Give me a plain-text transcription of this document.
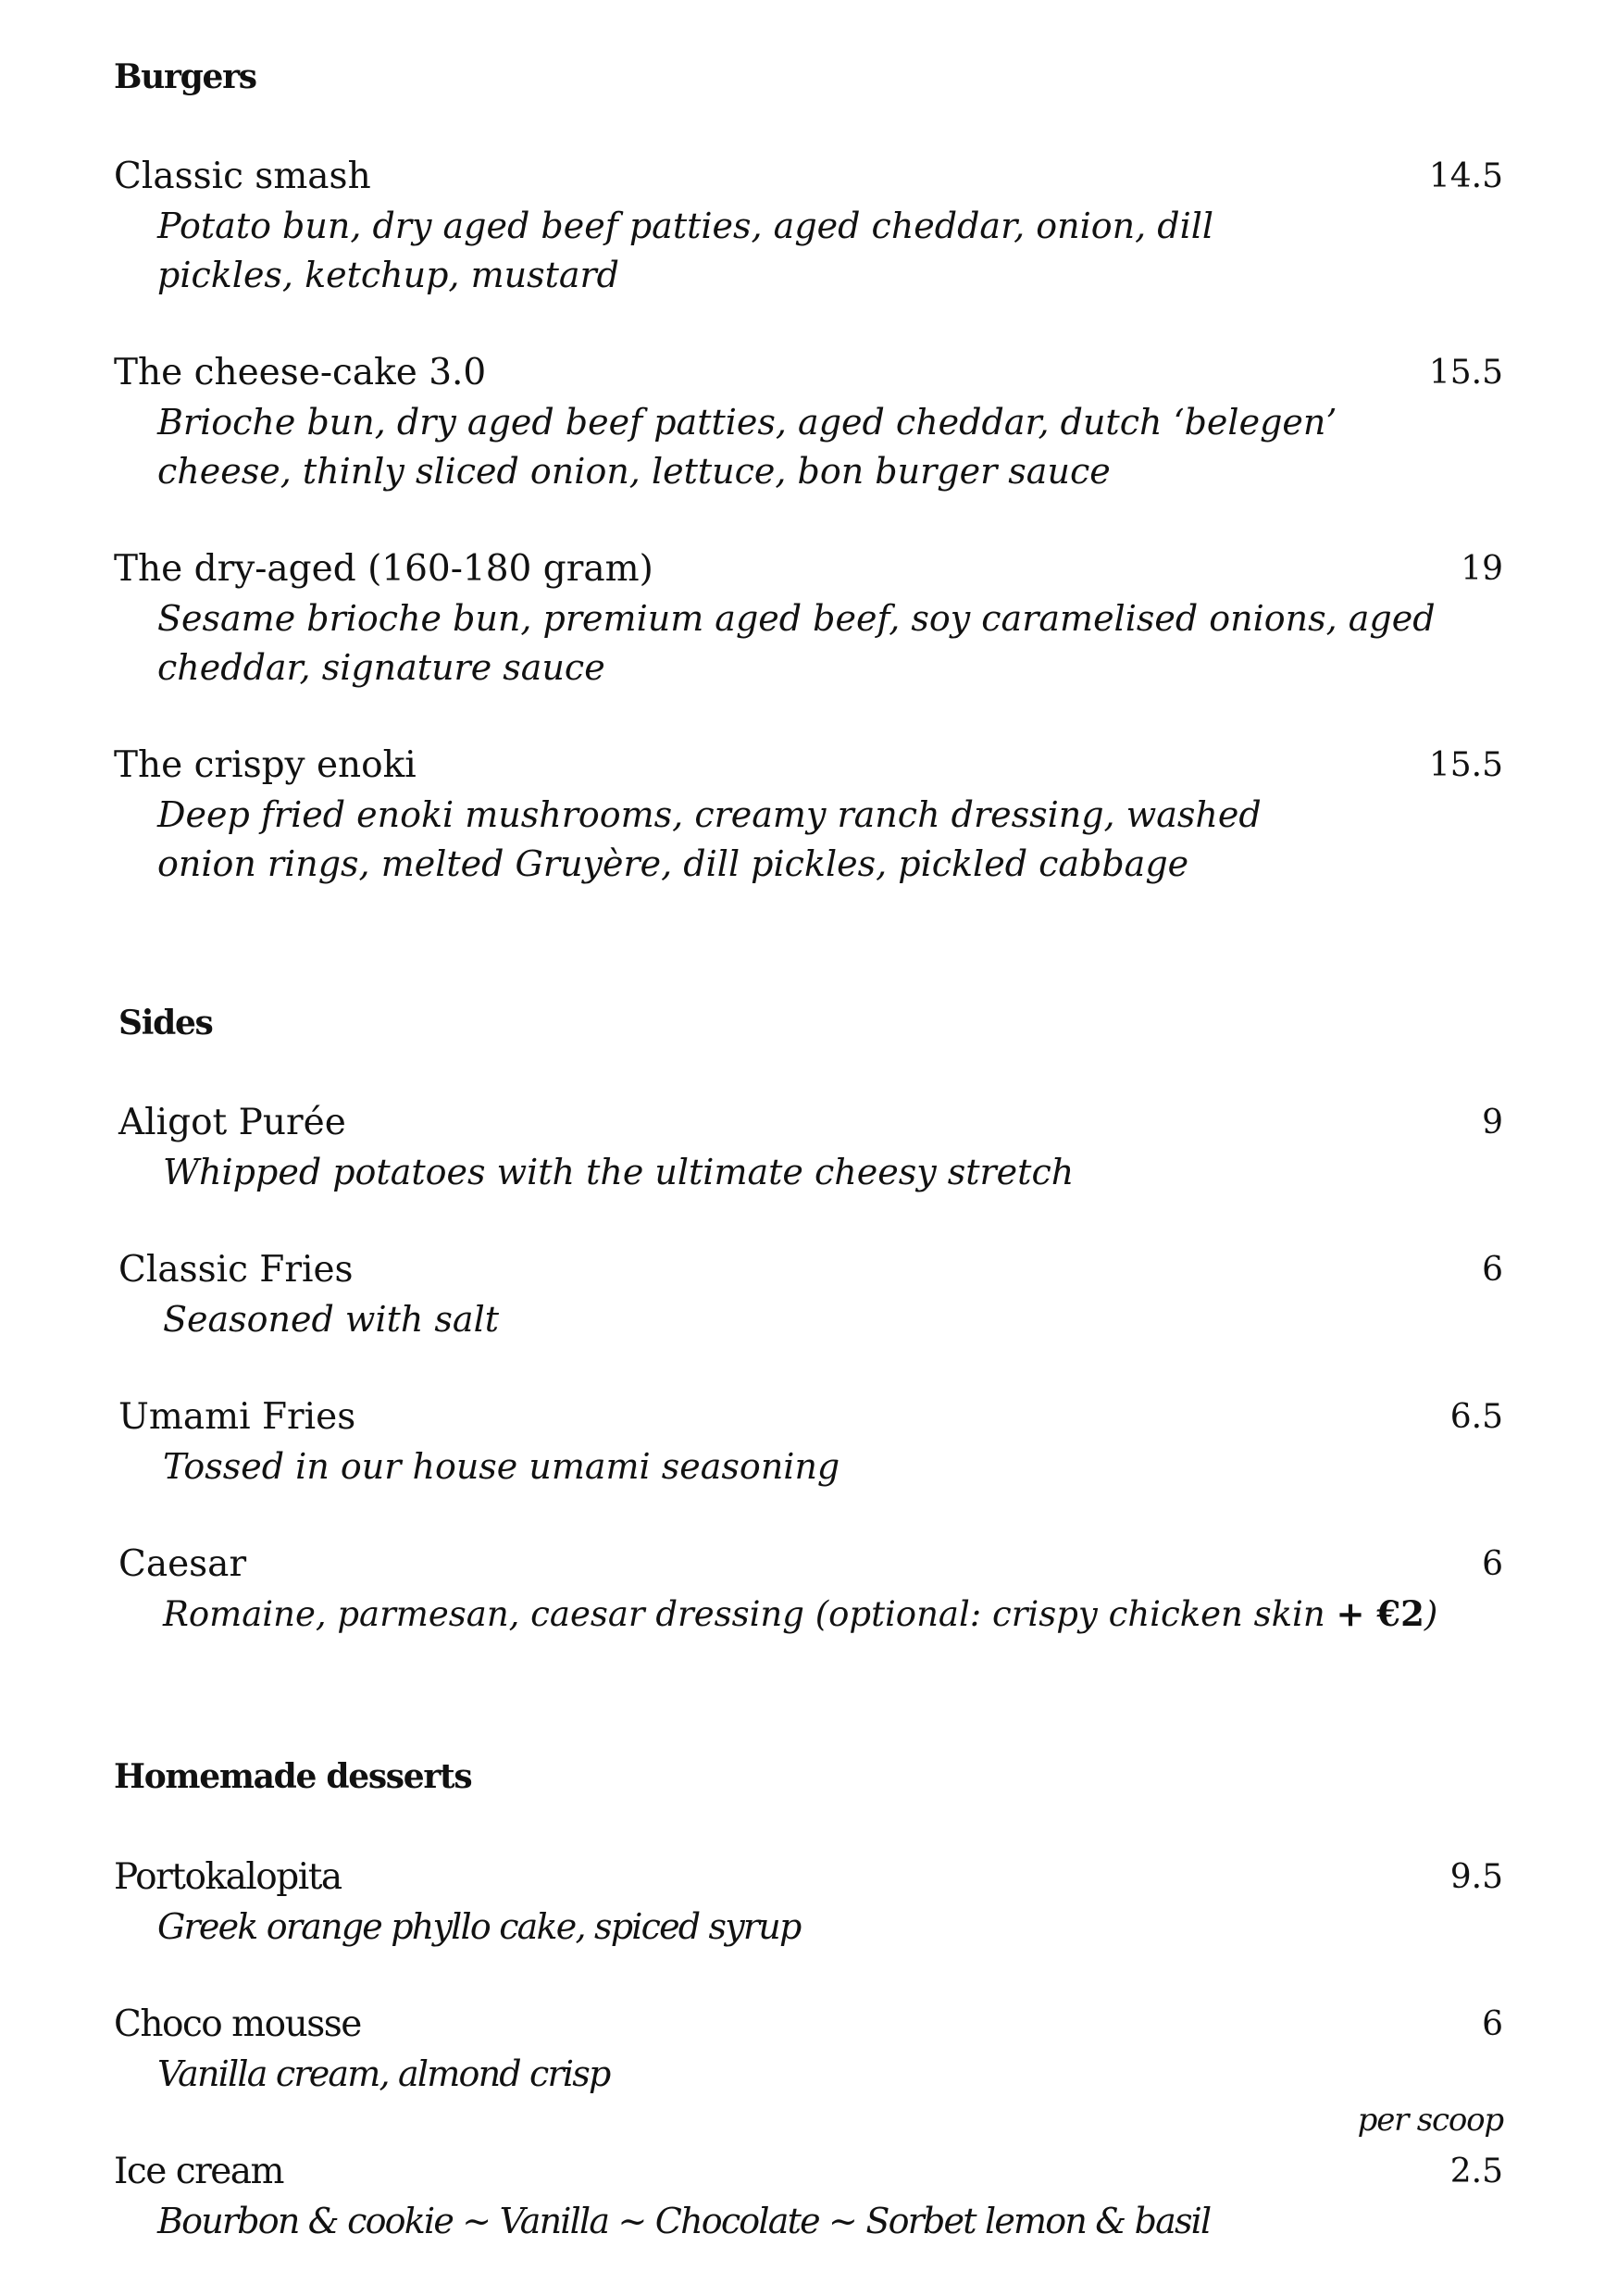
Burgers
Classic smash	14.5
Potato bun, dry aged beef patties, aged cheddar, onion, dill
pickles, ketchup, mustard
The cheese-cake 3.0	15.5
Brioche bun, dry aged beef patties, aged cheddar, dutch ‘belegen’
cheese, thinly sliced onion, lettuce, bon burger sauce
The dry-aged (160-180 gram)	19
Sesame brioche bun, premium aged beef, soy caramelised onions, aged
cheddar, signature sauce
The crispy enoki	15.5
Deep fried enoki mushrooms, creamy ranch dressing, washed
onion rings, melted Gruyère, dill pickles, pickled cabbage
Sides
Aligot Purée	9
Whipped potatoes with the ultimate cheesy stretch
Classic Fries	6
Seasoned with salt
Umami Fries	6.5
Tossed in our house umami seasoning
Caesar	6
Romaine, parmesan, caesar dressing (optional: crispy chicken skin + €2)
Homemade desserts
Portokalopita	9.5
Greek orange phyllo cake, spiced syrup
Choco mousse	6
Vanilla cream, almond crisp
per scoop
Ice cream	2.5
Bourbon & cookie ~ Vanilla ~ Chocolate ~ Sorbet lemon & basil
